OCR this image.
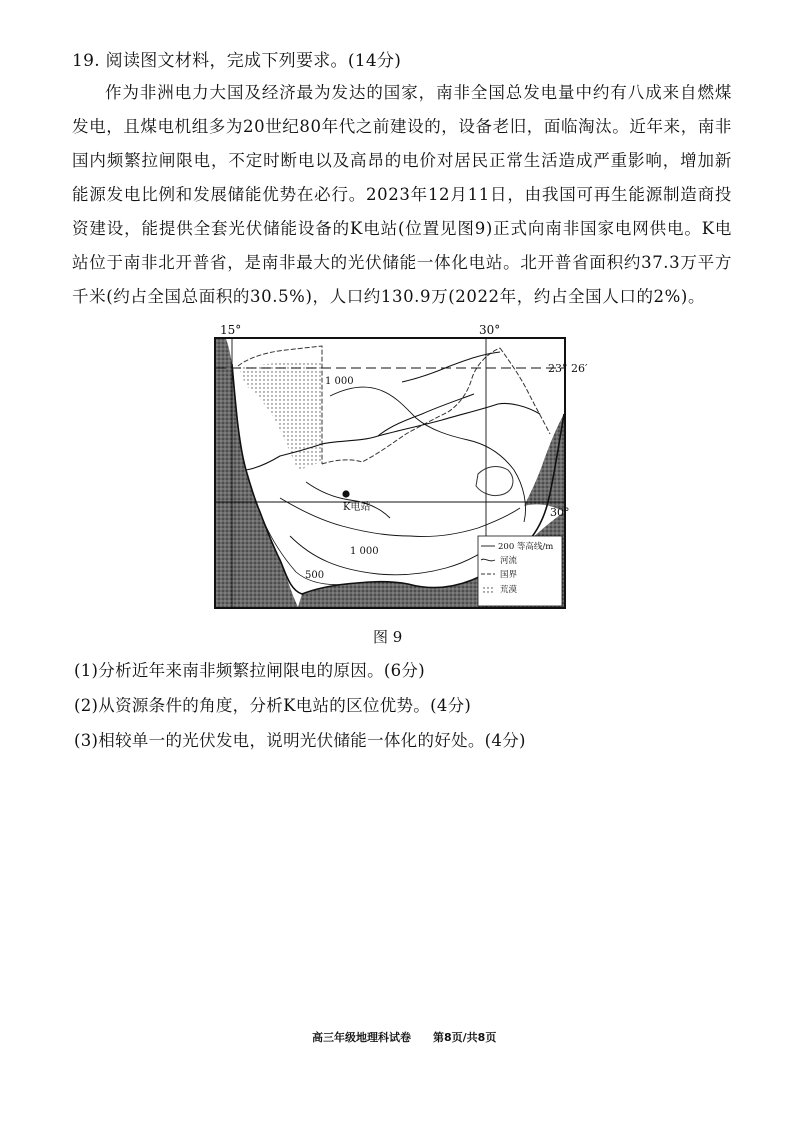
19. 阅读图文材料，完成下列要求。(14分)
作为非洲电力大国及经济最为发达的国家，南非全国总发电量中约有八成来自燃煤发电，且煤电机组多为20世纪80年代之前建设的，设备老旧，面临淘汰。近年来，南非国内频繁拉闸限电，不定时断电以及高昂的电价对居民正常生活造成严重影响，增加新能源发电比例和发展储能优势在必行。2023年12月11日，由我国可再生能源制造商投资建设，能提供全套光伏储能设备的K电站(位置见图9)正式向南非国家电网供电。K电站位于南非北开普省，是南非最大的光伏储能一体化电站。北开普省面积约37.3万平方千米(约占全国总面积的30.5%)，人口约130.9万(2022年，约占全国人口的2%)。
15°	30°
23° 26′
30°
1 000
1 000
500
K电站
200 等高线/m
河流
国界
荒漠
图 9
(1)分析近年来南非频繁拉闸限电的原因。(6分)
(2)从资源条件的角度，分析K电站的区位优势。(4分)
(3)相较单一的光伏发电，说明光伏储能一体化的好处。(4分)
高三年级地理科试卷 第8页/共8页
